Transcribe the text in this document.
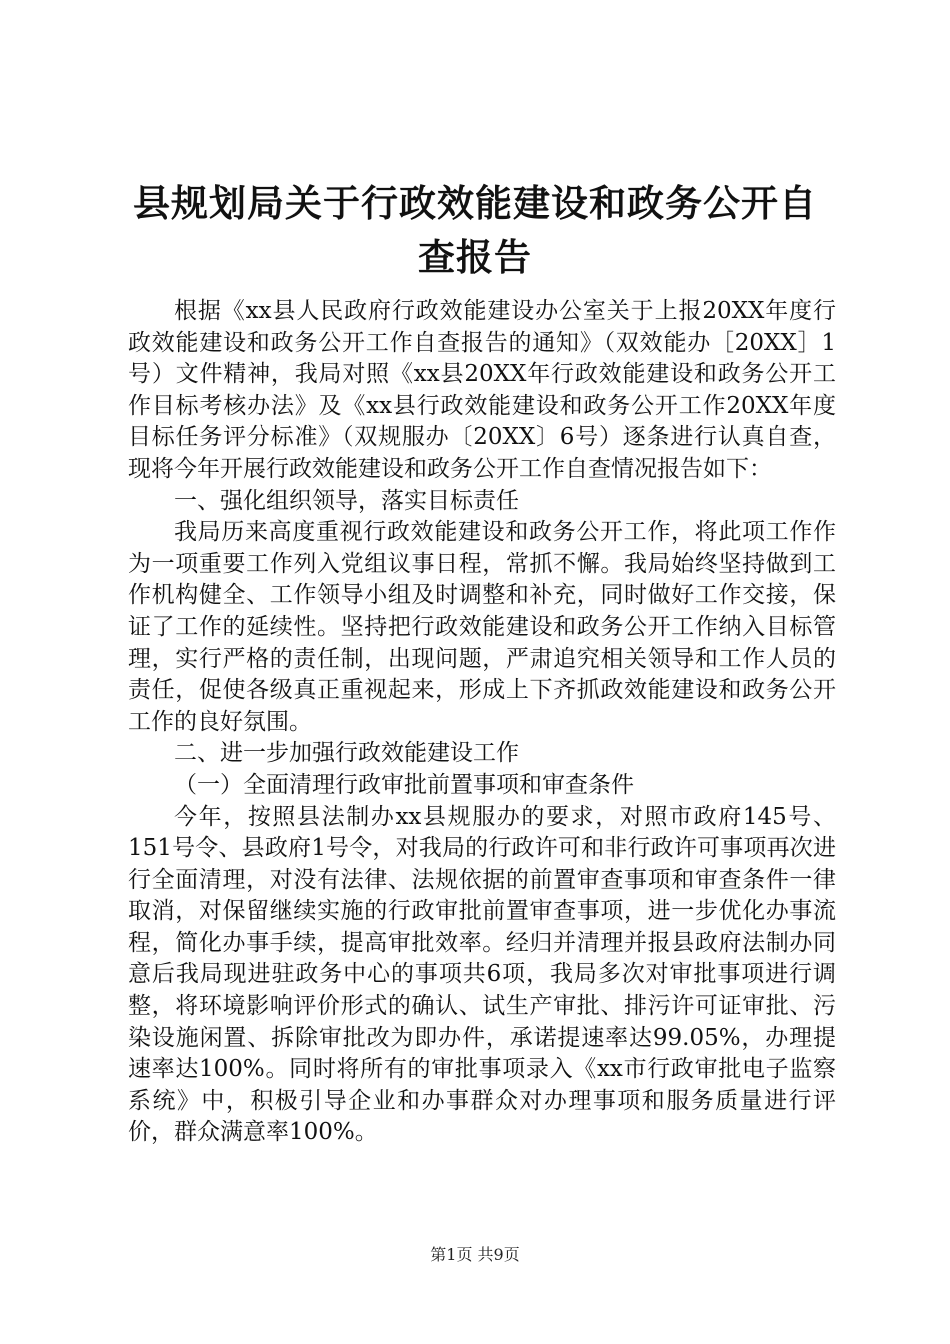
县规划局关于行政效能建设和政务公开自查报告

根据《xx县人民政府行政效能建设办公室关于上报20XX年度行政效能建设和政务公开工作自查报告的通知》（双效能办［20XX］1号）文件精神，我局对照《xx县20XX年行政效能建设和政务公开工作目标考核办法》及《xx县行政效能建设和政务公开工作20XX年度目标任务评分标准》（双规服办〔20XX〕6号）逐条进行认真自查，现将今年开展行政效能建设和政务公开工作自查情况报告如下：

一、强化组织领导，落实目标责任

我局历来高度重视行政效能建设和政务公开工作，将此项工作作为一项重要工作列入党组议事日程，常抓不懈。我局始终坚持做到工作机构健全、工作领导小组及时调整和补充，同时做好工作交接，保证了工作的延续性。坚持把行政效能建设和政务公开工作纳入目标管理，实行严格的责任制，出现问题，严肃追究相关领导和工作人员的责任，促使各级真正重视起来，形成上下齐抓政效能建设和政务公开工作的良好氛围。

二、进一步加强行政效能建设工作

（一）全面清理行政审批前置事项和审查条件

今年，按照县法制办xx县规服办的要求，对照市政府145号、151号令、县政府1号令，对我局的行政许可和非行政许可事项再次进行全面清理，对没有法律、法规依据的前置审查事项和审查条件一律取消，对保留继续实施的行政审批前置审查事项，进一步优化办事流程，简化办事手续，提高审批效率。经归并清理并报县政府法制办同意后我局现进驻政务中心的事项共6项，我局多次对审批事项进行调整，将环境影响评价形式的确认、试生产审批、排污许可证审批、污染设施闲置、拆除审批改为即办件，承诺提速率达99.05%，办理提速率达100%。同时将所有的审批事项录入《xx市行政审批电子监察系统》中，积极引导企业和办事群众对办理事项和服务质量进行评价，群众满意率100%。

第1页 共9页
